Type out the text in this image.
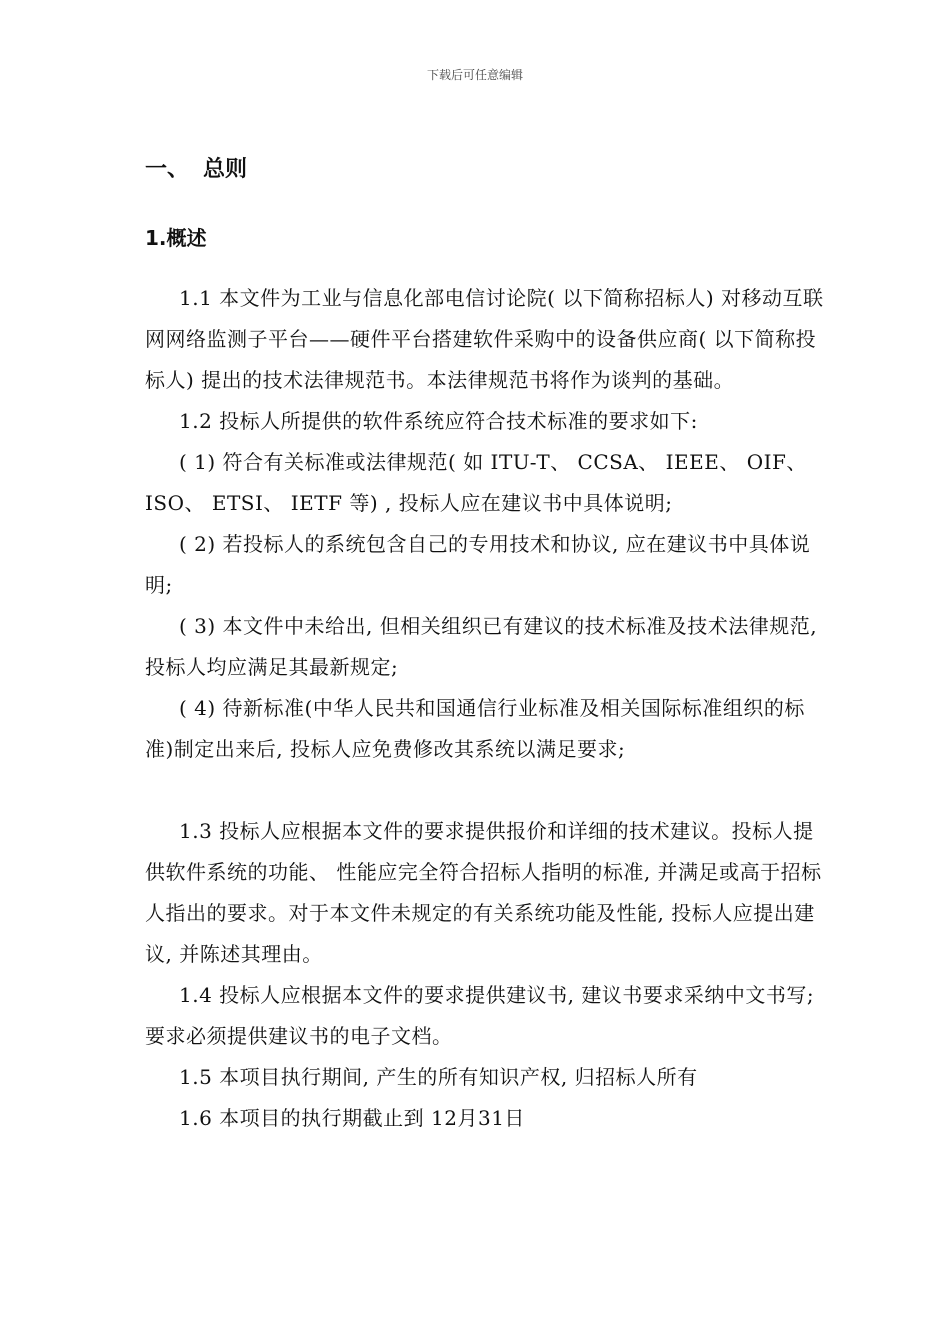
下载后可任意编辑
一、 总则
1.概述

1.1 本文件为工业与信息化部电信讨论院( 以下简称招标人) 对移动互联网网络监测子平台——硬件平台搭建软件采购中的设备供应商( 以下简称投标人) 提出的技术法律规范书。本法律规范书将作为谈判的基础。

1.2 投标人所提供的软件系统应符合技术标准的要求如下:

( 1) 符合有关标准或法律规范( 如 ITU-T、 CCSA、 IEEE、 OIF、 ISO、 ETSI、 IETF 等) , 投标人应在建议书中具体说明;

( 2) 若投标人的系统包含自己的专用技术和协议, 应在建议书中具体说明;

( 3) 本文件中未给出, 但相关组织已有建议的技术标准及技术法律规范, 投标人均应满足其最新规定;

( 4) 待新标准(中华人民共和国通信行业标准及相关国际标准组织的标准)制定出来后, 投标人应免费修改其系统以满足要求;

1.3 投标人应根据本文件的要求提供报价和详细的技术建议。投标人提供软件系统的功能、 性能应完全符合招标人指明的标准, 并满足或高于招标人指出的要求。对于本文件未规定的有关系统功能及性能, 投标人应提出建议, 并陈述其理由。

1.4 投标人应根据本文件的要求提供建议书, 建议书要求采纳中文书写; 要求必须提供建议书的电子文档。

1.5 本项目执行期间, 产生的所有知识产权, 归招标人所有

1.6 本项目的执行期截止到 12月31日
